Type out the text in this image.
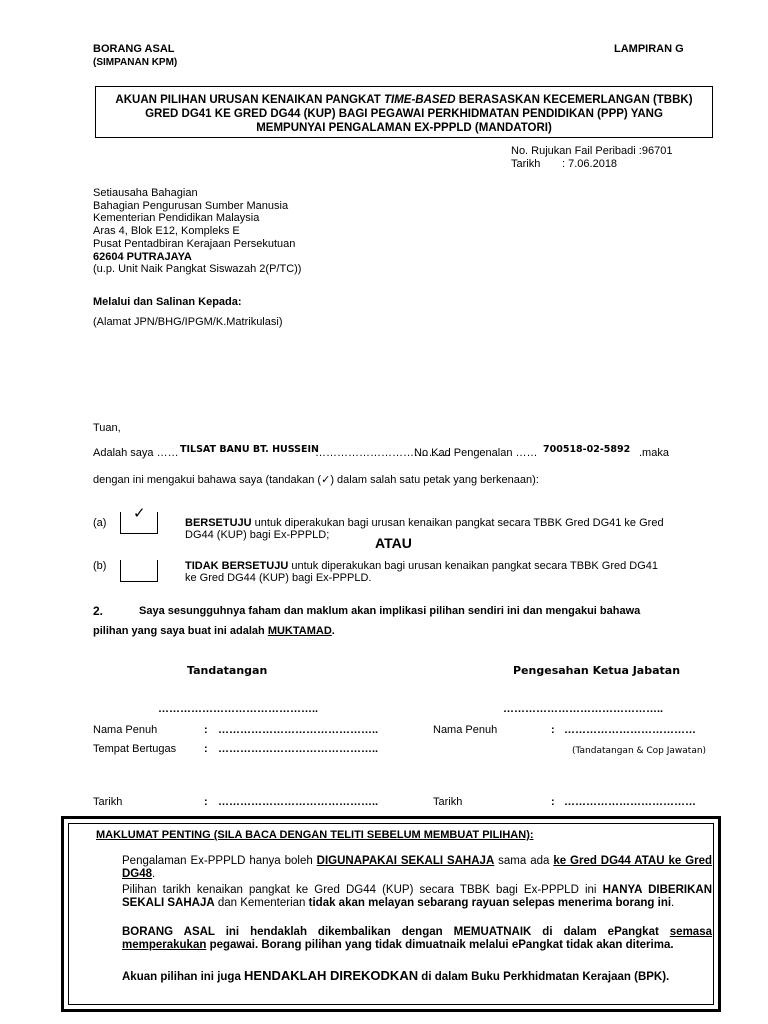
BORANG ASAL
(SIMPANAN KPM)
LAMPIRAN G
AKUAN PILIHAN URUSAN KENAIKAN PANGKAT TIME-BASED BERASASKAN KECEMERLANGAN (TBBK)
GRED DG41 KE GRED DG44 (KUP) BAGI PEGAWAI PERKHIDMATAN PENDIDIKAN (PPP) YANG
MEMPUNYAI PENGALAMAN EX-PPPLD (MANDATORI)
No. Rujukan Fail Peribadi :96701
Tarikh : 7.06.2018
Setiausaha Bahagian
Bahagian Pengurusan Sumber Manusia
Kementerian Pendidikan Malaysia
Aras 4, Blok E12, Kompleks E
Pusat Pentadbiran Kerajaan Persekutuan
62604 PUTRAJAYA
(u.p. Unit Naik Pangkat Siswazah 2(P/TC))
Melalui dan Salinan Kepada:
(Alamat JPN/BHG/IPGM/K.Matrikulasi)
Tuan,
Adalah saya …… TILSAT BANU BT. HUSSEIN
……………………………….
No Kad Pengenalan …… 700518-02-5892 .maka
dengan ini mengakui bahawa saya (tandakan (✓) dalam salah satu petak yang berkenaan):
(a)
✓
BERSETUJU untuk diperakukan bagi urusan kenaikan pangkat secara TBBK Gred DG41 ke Gred
DG44 (KUP) bagi Ex-PPPLD;	ATAU
(b)	TIDAK BERSETUJU untuk diperakukan bagi urusan kenaikan pangkat secara TBBK Gred DG41
ke Gred DG44 (KUP) bagi Ex-PPPLD.
2.	Saya sesungguhnya faham dan maklum akan implikasi pilihan sendiri ini dan mengakui bahawa
pilihan yang saya buat ini adalah MUKTAMAD.
Tandatangan	Pengesahan Ketua Jabatan
……………………………………..	……………………………………..
Nama Penuh	: ……………………………………..	Nama Penuh	: ………………………………
Tempat Bertugas	: ……………………………………..	(Tandatangan & Cop Jawatan)
Tarikh	: ……………………………………..	Tarikh	: ………………………………
MAKLUMAT PENTING (SILA BACA DENGAN TELITI SEBELUM MEMBUAT PILIHAN):
Pengalaman Ex-PPPLD hanya boleh DIGUNAPAKAI SEKALI SAHAJA sama ada ke Gred DG44 ATAU ke Gred DG48.
Pilihan tarikh kenaikan pangkat ke Gred DG44 (KUP) secara TBBK bagi Ex-PPPLD ini HANYA DIBERIKAN SEKALI SAHAJA dan Kementerian tidak akan melayan sebarang rayuan selepas menerima borang ini.
BORANG ASAL ini hendaklah dikembalikan dengan MEMUATNAIK di dalam ePangkat semasa memperakukan pegawai. Borang pilihan yang tidak dimuatnaik melalui ePangkat tidak akan diterima.
Akuan pilihan ini juga HENDAKLAH DIREKODKAN di dalam Buku Perkhidmatan Kerajaan (BPK).
